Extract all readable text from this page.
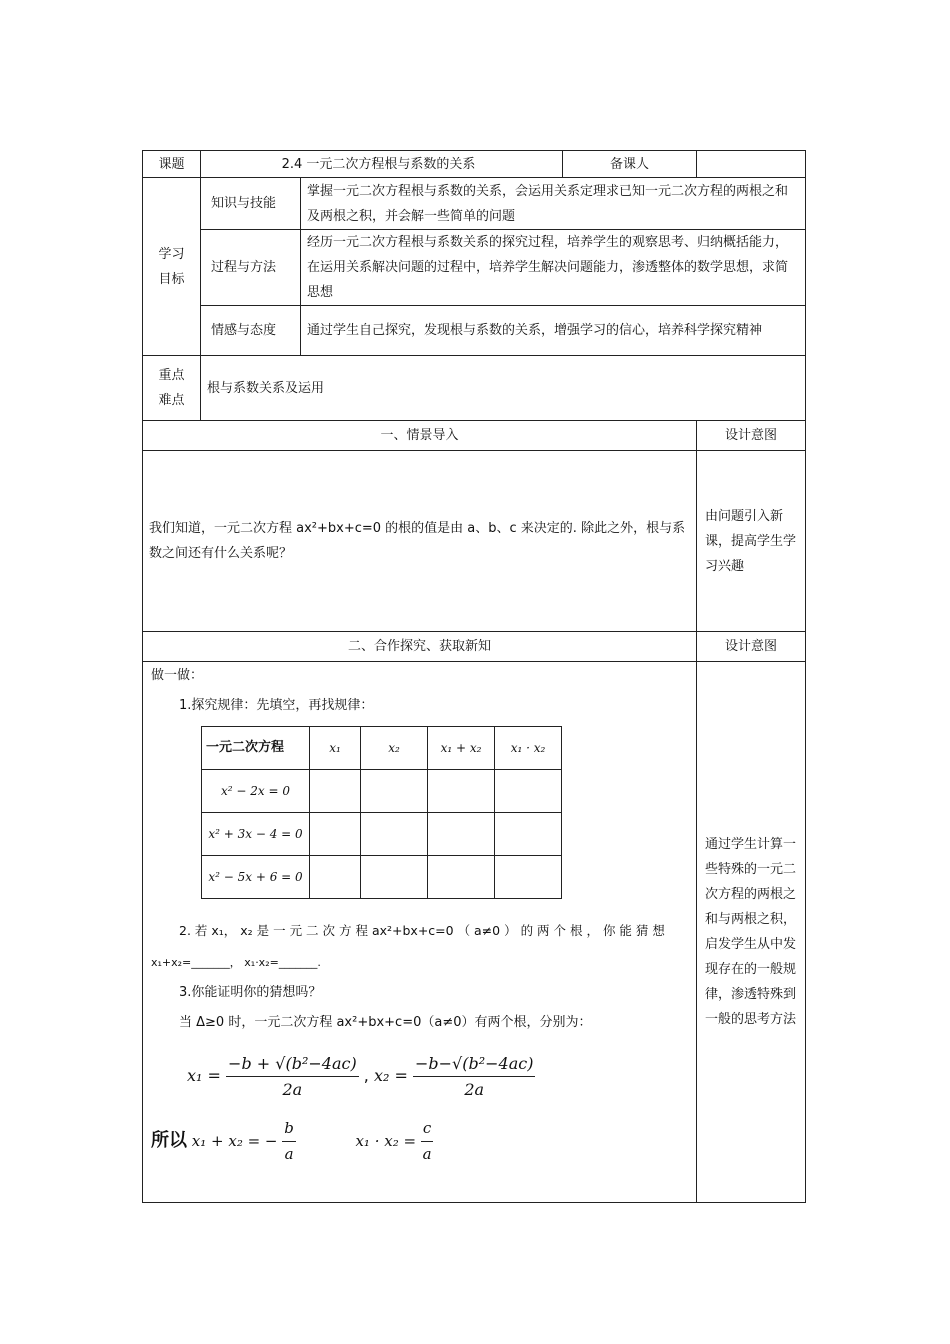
课题	2.4 一元二次方程根与系数的关系	备课人	

学习
目标
	知识与技能	掌握一元二次方程根与系数的关系，会运用关系定理求已知一元二次方程的两根之和及两根之积，并会解一些简单的问题
过程与方法	经历一元二次方程根与系数关系的探究过程，培养学生的观察思考、归纳概括能力，在运用关系解决问题的过程中，培养学生解决问题能力，渗透整体的数学思想，求简思想
情感与态度	通过学生自己探究，发现根与系数的关系，增强学习的信心，培养科学探究精神

重点
难点
	根与系数关系及运用
一、情景导入	设计意图
我们知道，一元二次方程 ax²+bx+c=0 的根的值是由 a、b、c 来决定的. 除此之外，根与系数之间还有什么关系呢？	由问题引入新课，提高学生学习兴趣
二、合作探究、获取新知	设计意图

做一做：
1.探究规律：先填空，再找规律：
一元二次方程	x₁	x₂	x₁ + x₂	x₁ · x₂
x² − 2x = 0				
x² + 3x − 4 = 0				
x² − 5x + 6 = 0				
2. 若 x₁， x₂ 是 一 元 二 次 方 程 ax²+bx+c=0 （ a≠0 ） 的 两 个 根 ， 你 能 猜 想
x₁+x₂=_______， x₁·x₂=_______.
3.你能证明你的猜想吗？
当 Δ≥0 时，一元二次方程 ax²+bx+c=0（a≠0）有两个根，分别为：
$x_1 = \frac{\text{−b + √(b²−4ac)}}{2a}$ , $x_2 = \frac{\text{−b−√(b²−4ac)}}{2a}$
所以 x₁ + x₂ = − $\frac{b}{a}$	$x_1 \cdot x_2 = \frac{c}{a}$
	通过学生计算一些特殊的一元二次方程的两根之和与两根之积，启发学生从中发现存在的一般规律，渗透特殊到一般的思考方法
